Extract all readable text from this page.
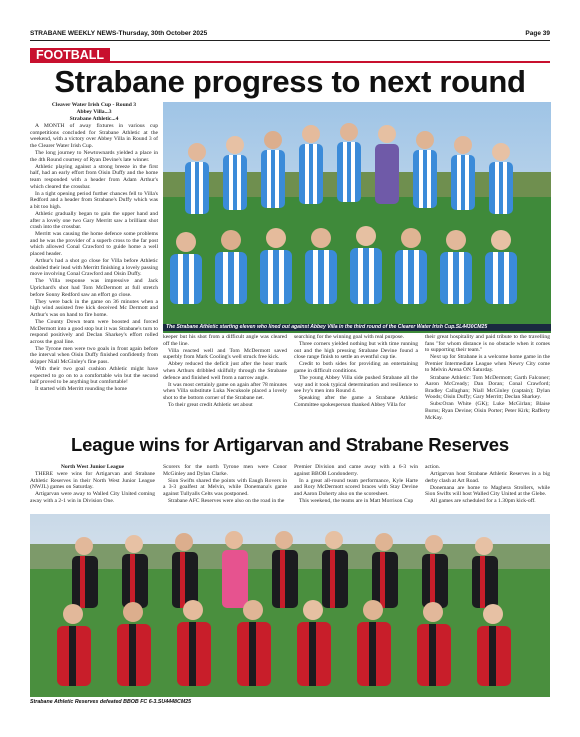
STRABANE WEEKLY NEWS-Thursday, 30th October 2025	Page 39
FOOTBALL
Strabane progress to next round

Cleaver Water Irish Cup - Round 3

Abbey Villa...3

Strabane Athletic...4

A MONTH of away fixtures in various cup competitions concluded for Strabane Athletic at the weekend, with a victory over Abbey Villa in Round 3 of the Clearer Water Irish Cup.

The long journey to Newtownards yielded a place in the 4th Round courtesy of Ryan Devine's late winner.

Athletic playing against a strong breeze in the first half, had an early effort from Oisin Duffy and the home team responded with a header from Adam Arthur's which cleared the crossbar.

In a tight opening period further chances fell to Villa's Redford and a header from Strabane's Duffy which was a bit too high.

Athletic gradually began to gain the upper hand and after a lovely one two Gary Merritt saw a brilliant shot crash into the crossbar.

Merritt was causing the home defence some problems and he was the provider of a superb cross to the far post which allowed Conal Crawford to guide home a well placed header.

Arthur's had a shot go close for Villa before Athletic doubled their lead with Merritt finishing a lovely passing move involving Conal Crawford and Oisin Duffy.

The Villa response was impressive and Jack Uprichard's shot had Tom McDermott at full stretch before Sonny Redford saw an effort go close.

They were back in the game on 36 minutes when a high wind assisted free kick deceived Mc Dermott and Arthur's was on hand to fire home.

The County Down team were boosted and forced McDermott into a good stop but it was Strabane's turn to respond positively and Declan Sharkey's effort rolled across the goal line.

The Tyrone men were two goals in front again before the interval when Oisin Duffy finished confidently from skipper Niall McGinley's fine pass.

With their two goal cushion Athletic might have expected to go on to a comfortable win but the second half proved to be anything but comfortable!

It started with Merritt rounding the home

The Strabane Athletic starting eleven who lined out against Abbey Villa in the third round of the Clearer Water Irish Cup.SL4430CM25

keeper but his shot from a difficult angle was cleared off the line.

Villa reacted well and Tom McDermott saved superbly from Mark Cooling's well struck free kick.

Abbey reduced the deficit just after the hour mark when Arthurs dribbled skilfully through the Strabane defence and finished well from a narrow angle.

It was most certainly game on again after 78 minutes when Villa substitute Luka Necuksole placed a lovely shot to the bottom corner of the Strabane net.

To their great credit Athletic set about

searching for the winning goal with real purpose.

Three corners yielded nothing but with time running out and the high pressing Strabane Devine found a close range finish to settle an eventful cup tie.

Credit to both sides for providing an entertaining game in difficult conditions.

The young Abbey Villa side pushed Strabane all the way and it took typical determination and resilience to see Ivy's men into Round 4.

Speaking after the game a Strabane Athletic Committee spokesperson thanked Abbey Villa for

their great hospitality and paid tribute to the travelling fans "for whom distance is no obstacle when it comes to supporting their team."

Next up for Strabane is a welcome home game in the Premier Intermediate League when Newry City come to Melvin Arena ON Saturday.

Strabane Athletic: Tom McDermott; Garth Falconer; Aaron McCready; Dan Doran; Conal Crawford; Bradley Callaghan; Niall McGinley (captain); Dylan Woods; Oisin Duffy; Gary Merritt; Declan Sharkey.

Subs:Oran White (GK); Luke McGirlan; Blaise Burns; Ryan Devine; Oisin Porter; Peter Kirk; Rafferty McKay.

League wins for Artigarvan and Strabane Reserves

North West Junior League

THERE were wins for Artigarvan and Strabane Athletic Reserves in their North West Junior League (NWJL) games on Saturday.

Artigarvan were away to Walled City United coming away with a 2-1 win in Division One.

Scorers for the north Tyrone men were Conor McGinley and Dylan Clarke.

Sion Swifts shared the points with Eaugh Rovers in a 3-3 goalfest at Melvin, while Donemana's game against Tullyalls Celts was postponed.

Strabane AFC Reserves were also on the road in the

Premier Division and came away with a 6-3 win against BBOB Londonderry.

In a great all-round team performance, Kyle Harte and Rory McDermott scored braces with Stay Devine and Aaron Doherty also on the scoresheet.

This weekend, the teams are in Matt Morrison Cup

action.

Artigarvan host Strabane Athletic Reserves in a big derby clash at Art Road.

Donemana are home to Maghera Strollers, while Sion Swifts will host Walled City United at the Glebe.

All games are scheduled for a 1.30pm kick-off.

Strabane Athletic Reserves defeated BBOB FC 6-3.SU4448CM25
